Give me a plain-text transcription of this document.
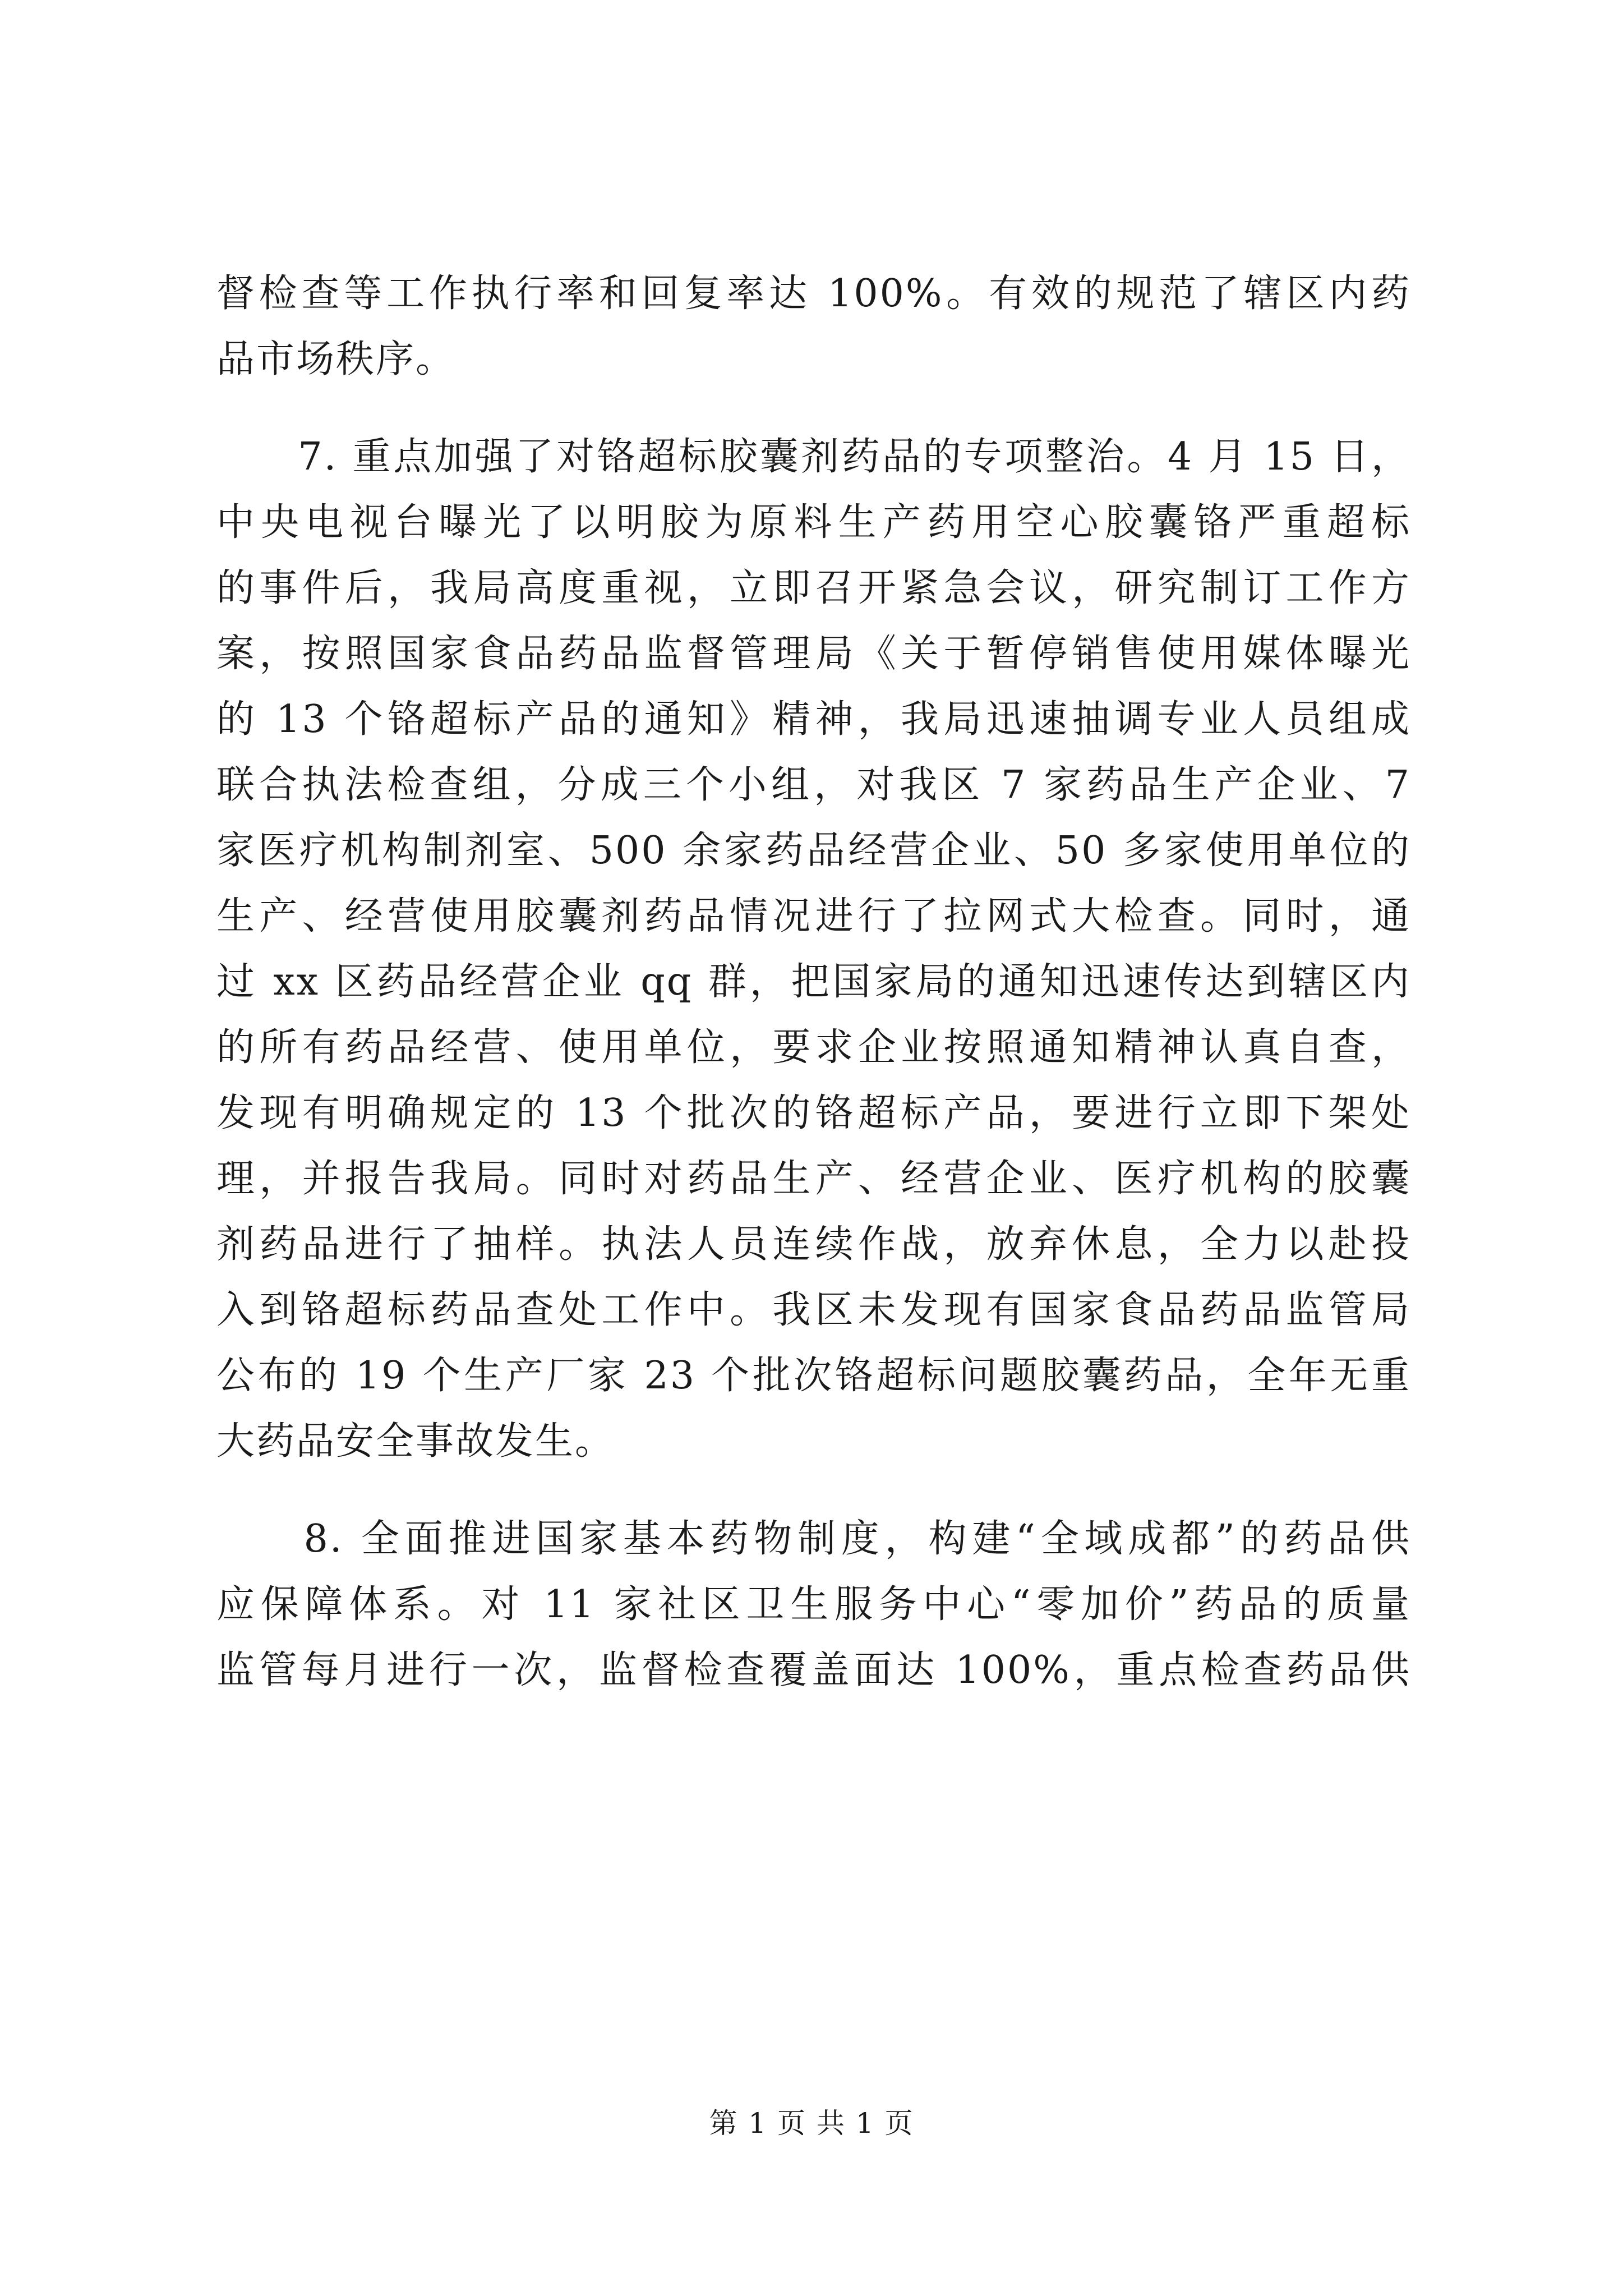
督检查等工作执行率和回复率达 100%。有效的规范了辖区内药
品市场秩序。
　　7. 重点加强了对铬超标胶囊剂药品的专项整治。4 月 15 日，
中央电视台曝光了以明胶为原料生产药用空心胶囊铬严重超标
的事件后，我局高度重视，立即召开紧急会议，研究制订工作方
案，按照国家食品药品监督管理局《关于暂停销售使用媒体曝光
的 13 个铬超标产品的通知》精神，我局迅速抽调专业人员组成
联合执法检查组，分成三个小组，对我区 7 家药品生产企业、7
家医疗机构制剂室、500 余家药品经营企业、50 多家使用单位的
生产、经营使用胶囊剂药品情况进行了拉网式大检查。同时，通
过 xx 区药品经营企业 qq 群，把国家局的通知迅速传达到辖区内
的所有药品经营、使用单位，要求企业按照通知精神认真自查，
发现有明确规定的 13 个批次的铬超标产品，要进行立即下架处
理，并报告我局。同时对药品生产、经营企业、医疗机构的胶囊
剂药品进行了抽样。执法人员连续作战，放弃休息，全力以赴投
入到铬超标药品查处工作中。我区未发现有国家食品药品监管局
公布的 19 个生产厂家 23 个批次铬超标问题胶囊药品，全年无重
大药品安全事故发生。
　　8. 全面推进国家基本药物制度，构建“全域成都”的药品供
应保障体系。对 11 家社区卫生服务中心“零加价”药品的质量
监管每月进行一次，监督检查覆盖面达 100%，重点检查药品供
第 1 页 共 1 页
